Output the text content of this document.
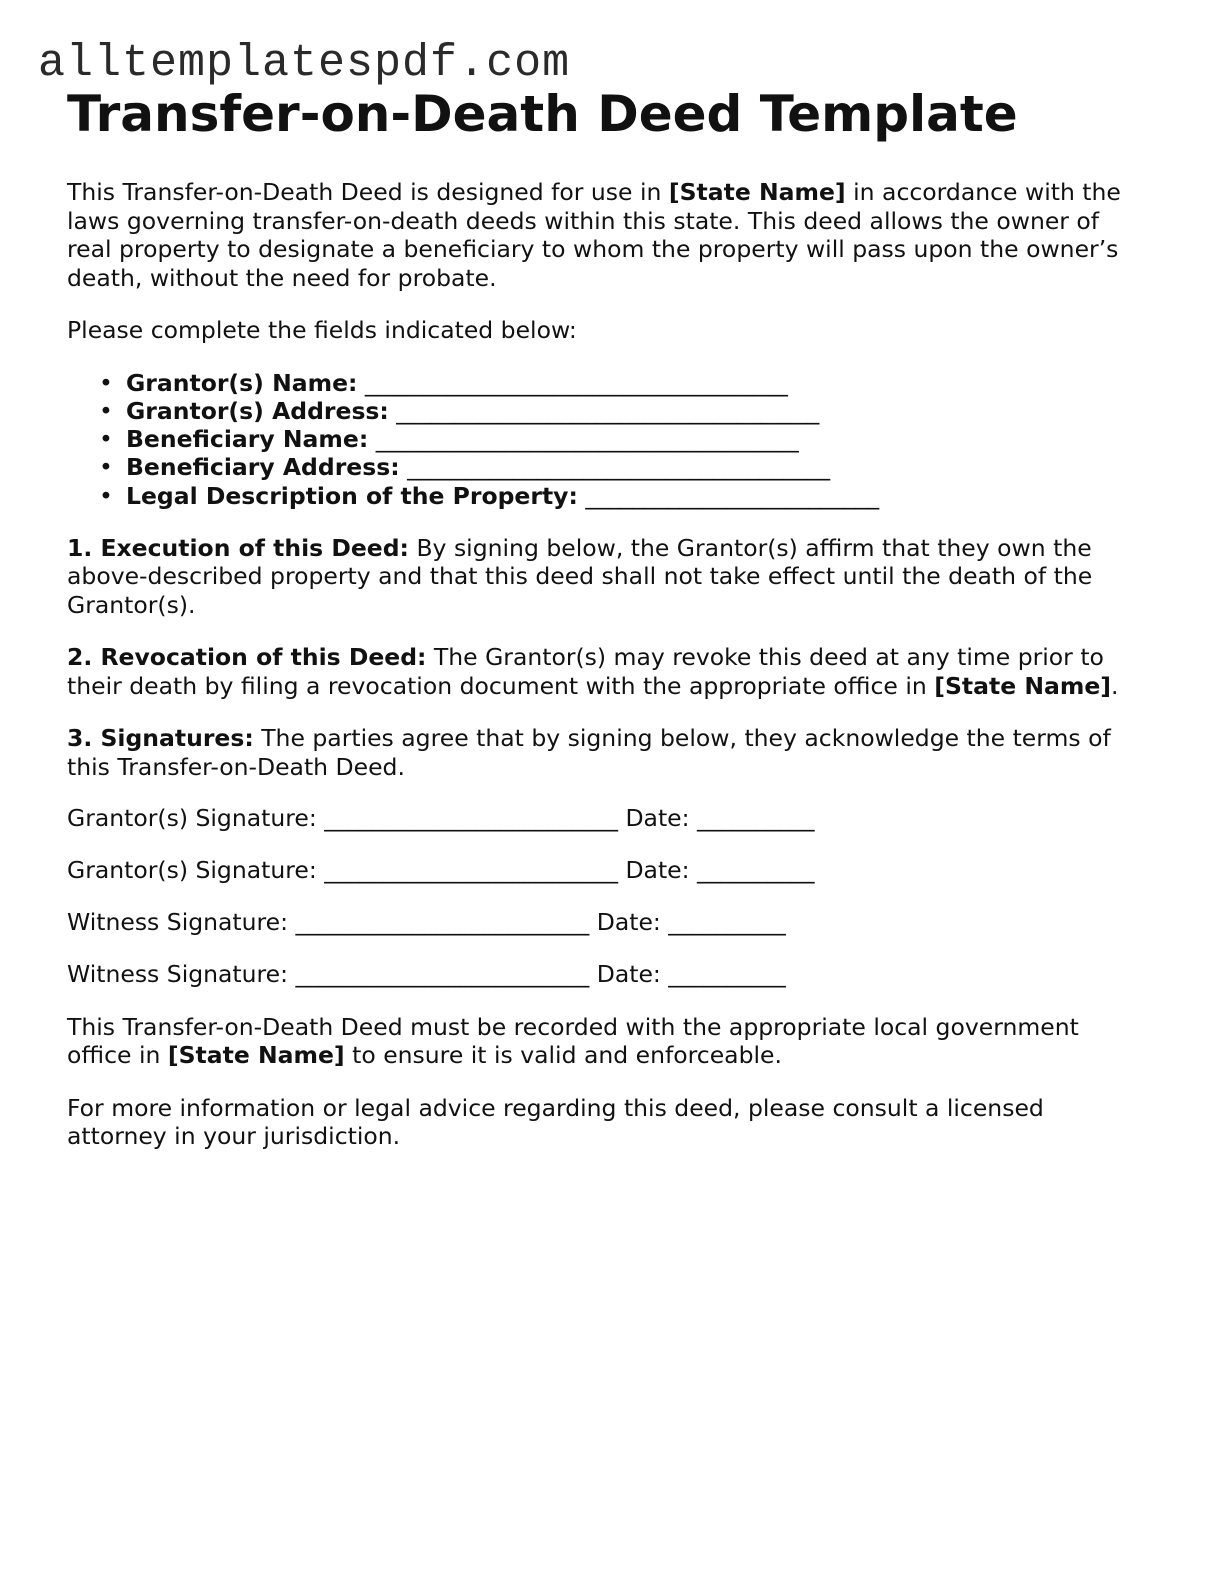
alltemplatespdf.com
Transfer-on-Death Deed Template

This Transfer-on-Death Deed is designed for use in [State Name] in accordance with the laws governing transfer-on-death deeds within this state. This deed allows the owner of real property to designate a beneficiary to whom the property will pass upon the owner’s death, without the need for probate.

Please complete the fields indicated below:

• Grantor(s) Name: ____________________________________
• Grantor(s) Address: ____________________________________
• Beneficiary Name: ____________________________________
• Beneficiary Address: ____________________________________
• Legal Description of the Property: _________________________

1. Execution of this Deed: By signing below, the Grantor(s) affirm that they own the above-described property and that this deed shall not take effect until the death of the Grantor(s).

2. Revocation of this Deed: The Grantor(s) may revoke this deed at any time prior to their death by filing a revocation document with the appropriate office in [State Name].

3. Signatures: The parties agree that by signing below, they acknowledge the terms of this Transfer-on-Death Deed.

Grantor(s) Signature: _________________________ Date: __________
Grantor(s) Signature: _________________________ Date: __________
Witness Signature: _________________________ Date: __________
Witness Signature: _________________________ Date: __________

This Transfer-on-Death Deed must be recorded with the appropriate local government office in [State Name] to ensure it is valid and enforceable.

For more information or legal advice regarding this deed, please consult a licensed attorney in your jurisdiction.
